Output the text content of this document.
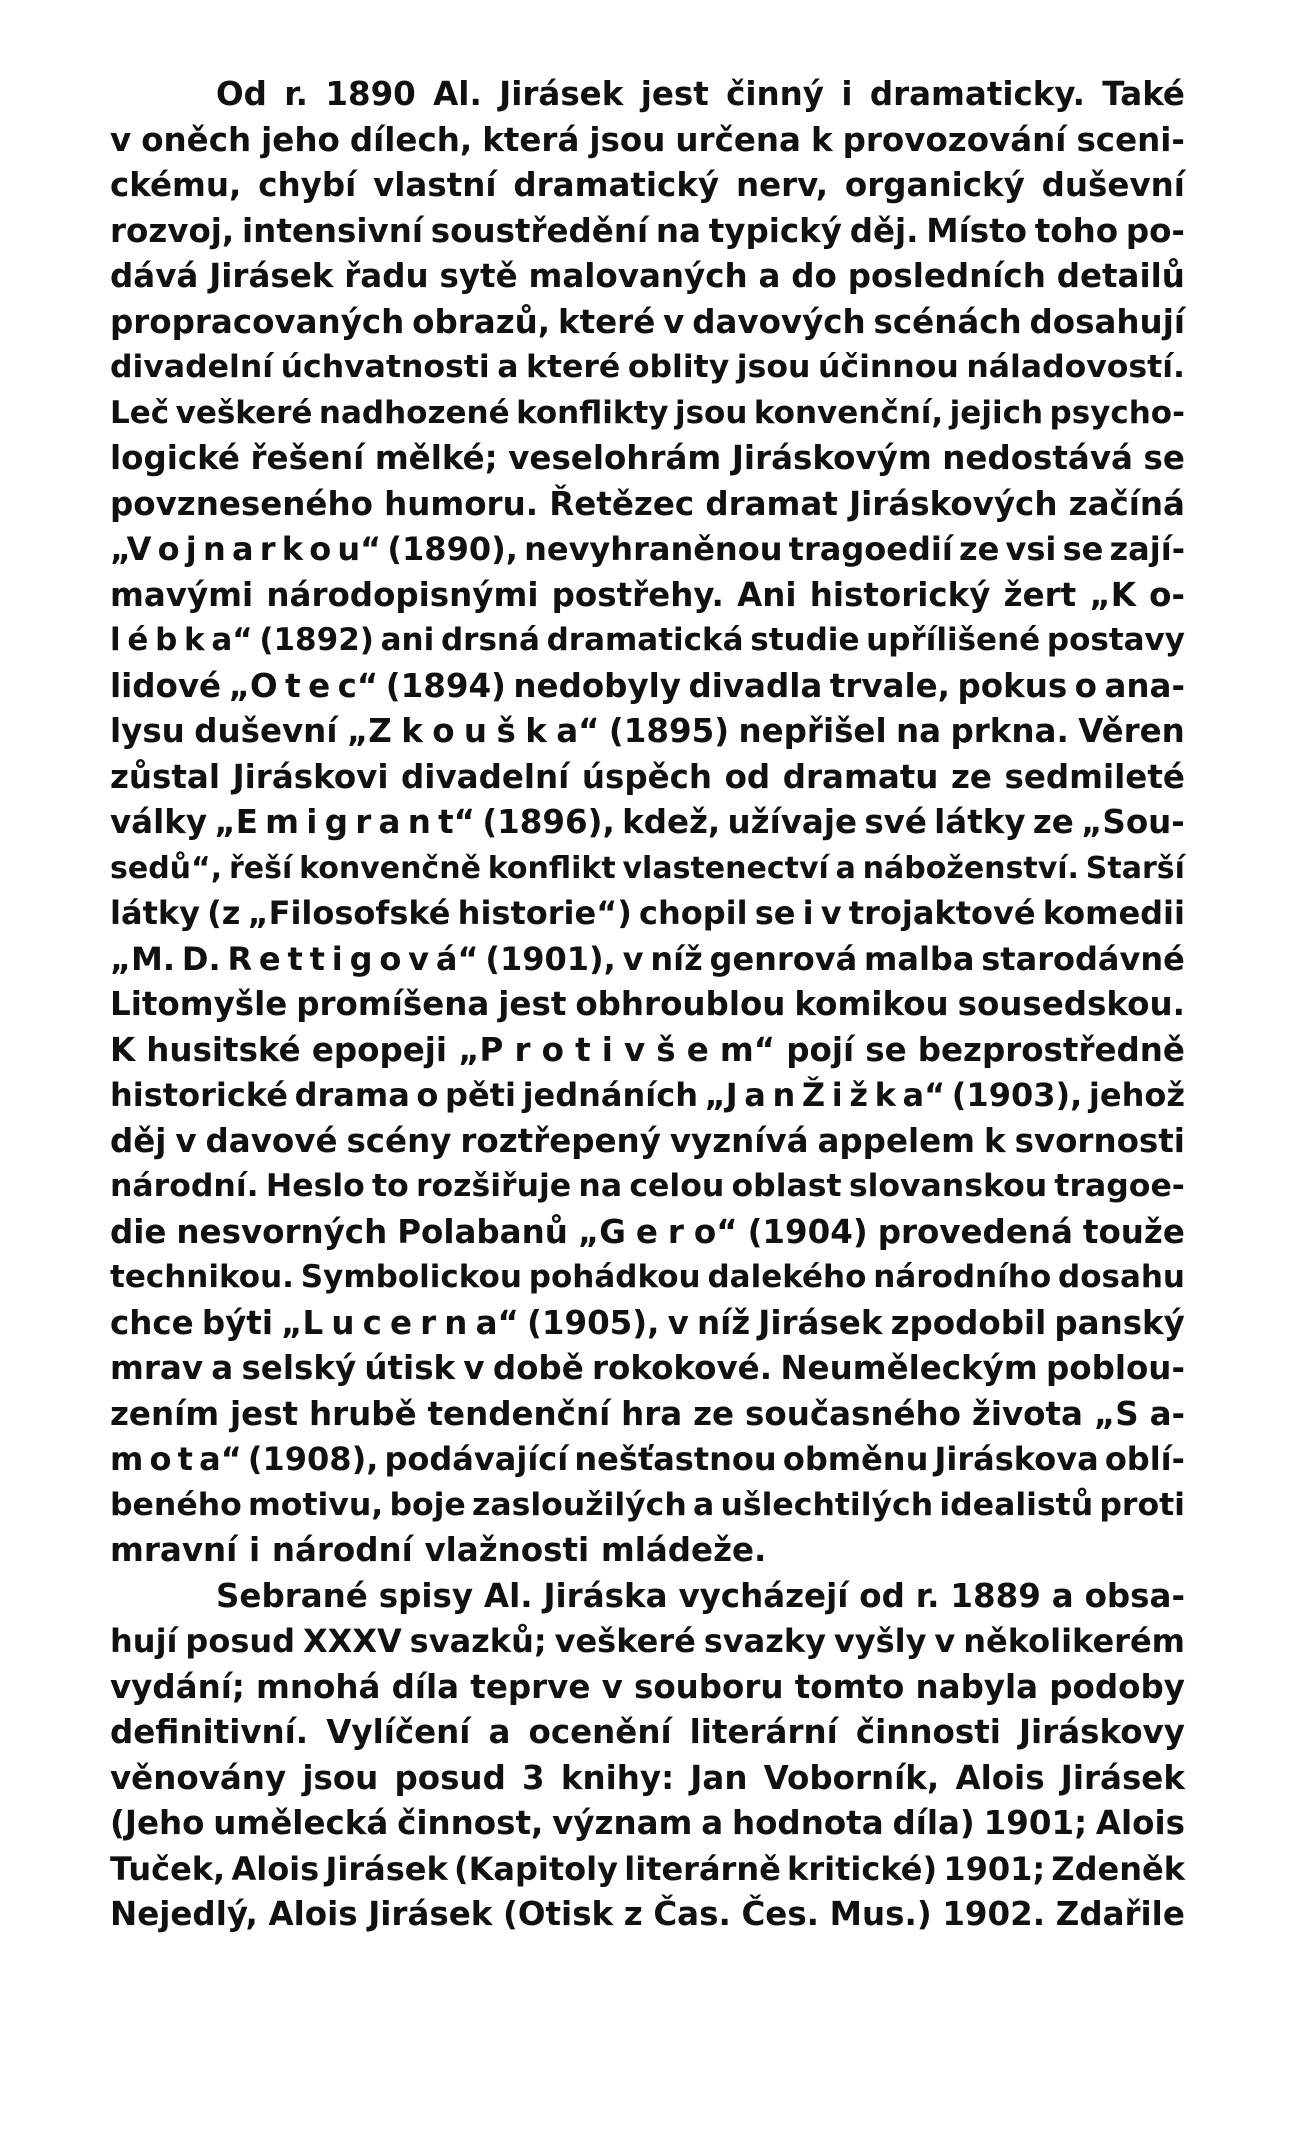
Od r. 1890 Al. Jirásek jest činný i dramaticky. Také
v oněch jeho dílech, která jsou určena k provozování sceni-
ckému, chybí vlastní dramatický nerv, organický duševní
rozvoj, intensivní soustředění na typický děj. Místo toho po-
dává Jirásek řadu sytě malovaných a do posledních detailů
propracovaných obrazů, které v davových scénách dosahují
divadelní úchvatnosti a které oblity jsou účinnou náladovostí.
Leč veškeré nadhozené konflikty jsou konvenční, jejich psycho-
logické řešení mělké; veselohrám Jiráskovým nedostává se
povzneseného humoru. Řetězec dramat Jiráskových začíná
„V o j n a r k o u“ (1890), nevyhraněnou tragoedií ze vsi se zají-
mavými národopisnými postřehy. Ani historický žert „K o-
l é b k a“ (1892) ani drsná dramatická studie upřílišené postavy
lidové „O t e c“ (1894) nedobyly divadla trvale, pokus o ana-
lysu duševní „Z k o u š k a“ (1895) nepřišel na prkna. Věren
zůstal Jiráskovi divadelní úspěch od dramatu ze sedmileté
války „E m i g r a n t“ (1896), kdež, užívaje své látky ze „Sou-
sedů“, řeší konvenčně konflikt vlastenectví a náboženství. Starší
látky (z „Filosofské historie“) chopil se i v trojaktové komedii
„M. D. R e t t i g o v á“ (1901), v níž genrová malba starodávné
Litomyšle promíšena jest obhroublou komikou sousedskou.
K husitské epopeji „P r o t i v š e m“ pojí se bezprostředně
historické drama o pěti jednáních „J a n Ž i ž k a“ (1903), jehož
děj v davové scény roztřepený vyznívá appelem k svornosti
národní. Heslo to rozšiřuje na celou oblast slovanskou tragoe-
die nesvorných Polabanů „G e r o“ (1904) provedená touže
technikou. Symbolickou pohádkou dalekého národního dosahu
chce býti „L u c e r n a“ (1905), v níž Jirásek zpodobil panský
mrav a selský útisk v době rokokové. Neuměleckým poblou-
zením jest hrubě tendenční hra ze současného života „S a-
m o t a“ (1908), podávající nešťastnou obměnu Jiráskova oblí-
beného motivu, boje zasloužilých a ušlechtilých idealistů proti
mravní i národní vlažnosti mládeže.
Sebrané spisy Al. Jiráska vycházejí od r. 1889 a obsa-
hují posud XXXV svazků; veškeré svazky vyšly v několikerém
vydání; mnohá díla teprve v souboru tomto nabyla podoby
definitivní. Vylíčení a ocenění literární činnosti Jiráskovy
věnovány jsou posud 3 knihy: Jan Voborník, Alois Jirásek
(Jeho umělecká činnost, význam a hodnota díla) 1901; Alois
Tuček, Alois Jirásek (Kapitoly literárně kritické) 1901; Zdeněk
Nejedlý, Alois Jirásek (Otisk z Čas. Čes. Mus.) 1902. Zdařile
